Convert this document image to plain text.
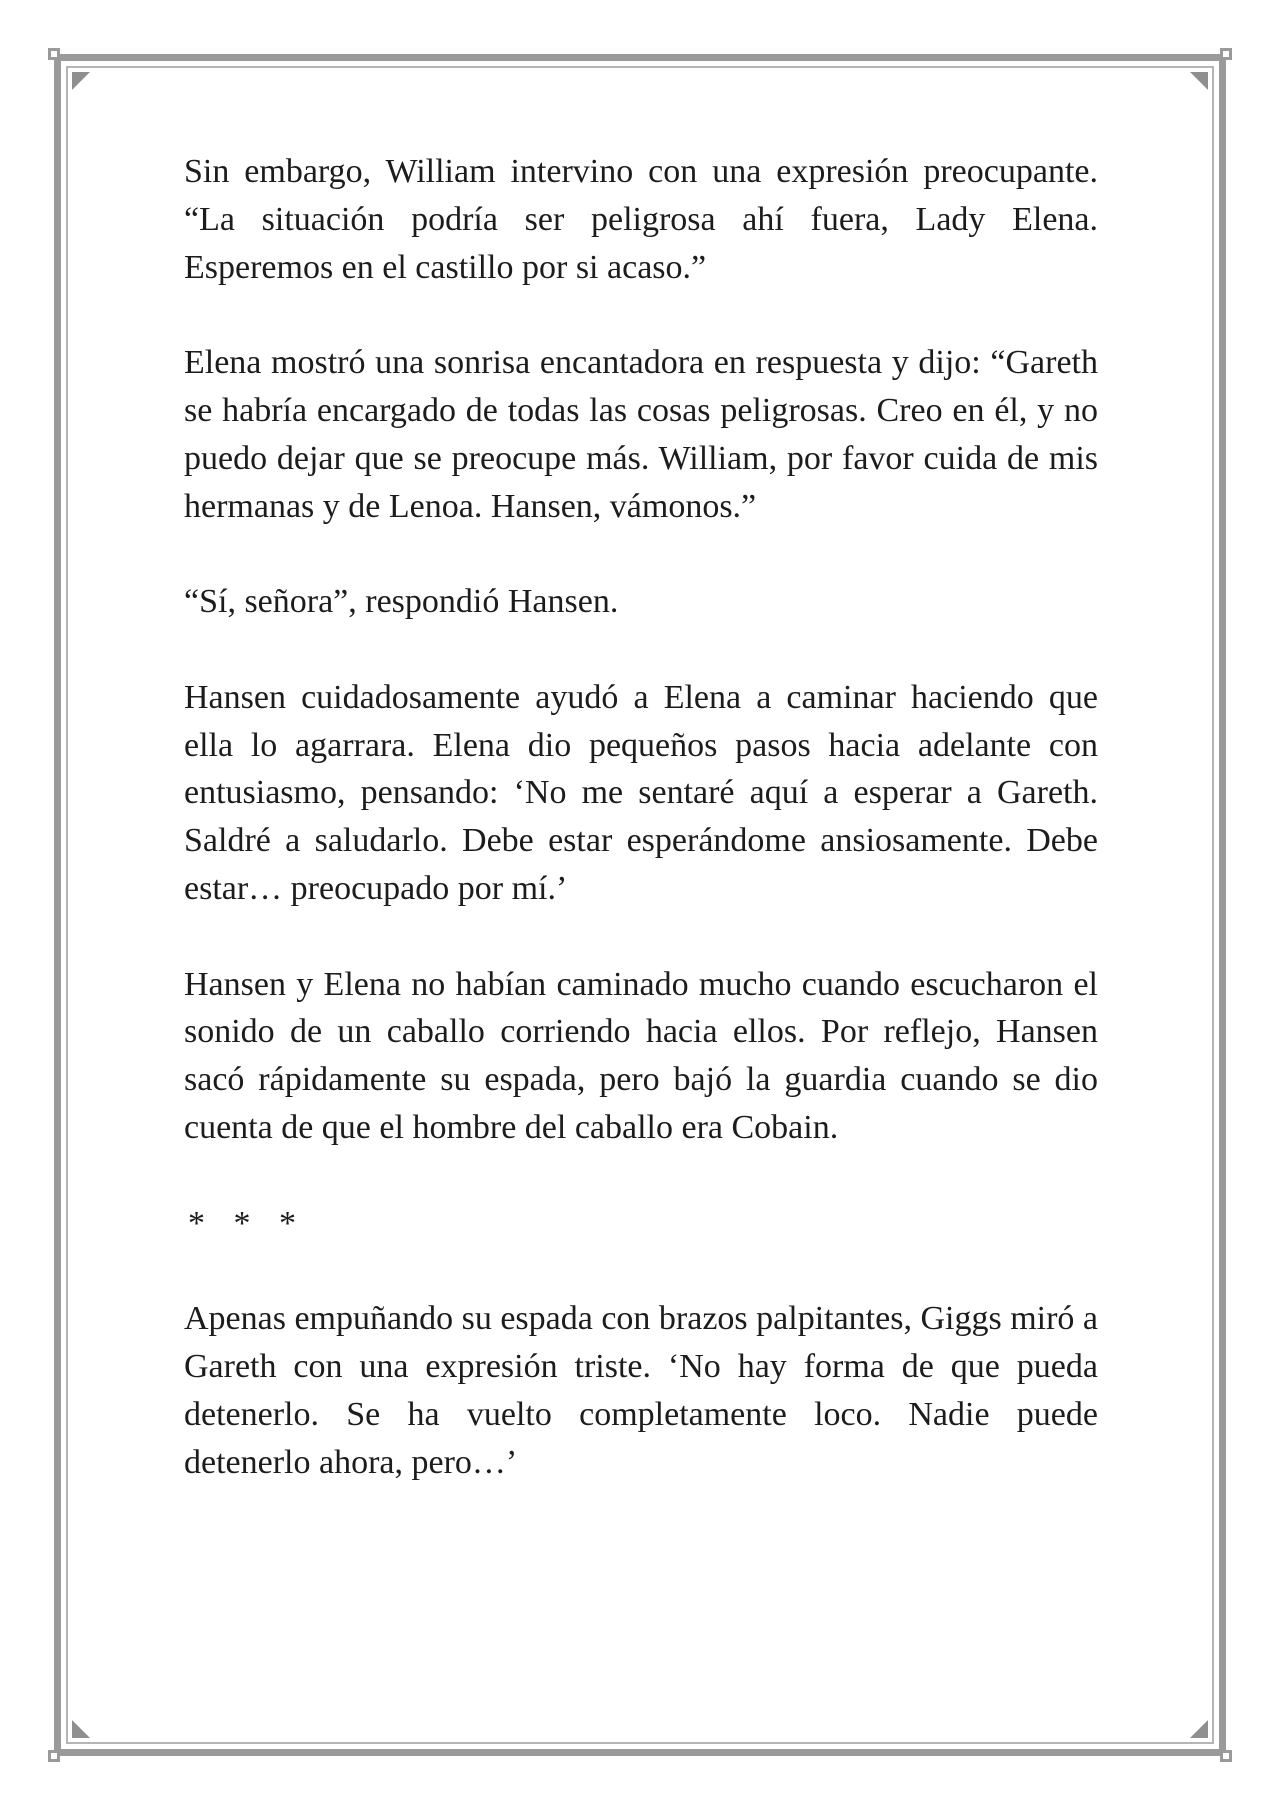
Sin embargo, William intervino con una expresión preocupante. “La situación podría ser peligrosa ahí fuera, Lady Elena. Esperemos en el castillo por si acaso.”

Elena mostró una sonrisa encantadora en respuesta y dijo: “Gareth se habría encargado de todas las cosas peligrosas. Creo en él, y no puedo dejar que se preocupe más. William, por favor cuida de mis hermanas y de Lenoa. Hansen, vámonos.”

“Sí, señora”, respondió Hansen.

Hansen cuidadosamente ayudó a Elena a caminar haciendo que ella lo agarrara. Elena dio pequeños pasos hacia adelante con entusiasmo, pensando: ‘No me sentaré aquí a esperar a Gareth. Saldré a saludarlo. Debe estar esperándome ansiosamente. Debe estar… preocupado por mí.’

Hansen y Elena no habían caminado mucho cuando escucharon el sonido de un caballo corriendo hacia ellos. Por reflejo, Hansen sacó rápidamente su espada, pero bajó la guardia cuando se dio cuenta de que el hombre del caballo era Cobain.

* * *

Apenas empuñando su espada con brazos palpitantes, Giggs miró a Gareth con una expresión triste. ‘No hay forma de que pueda detenerlo. Se ha vuelto completamente loco. Nadie puede detenerlo ahora, pero…’
